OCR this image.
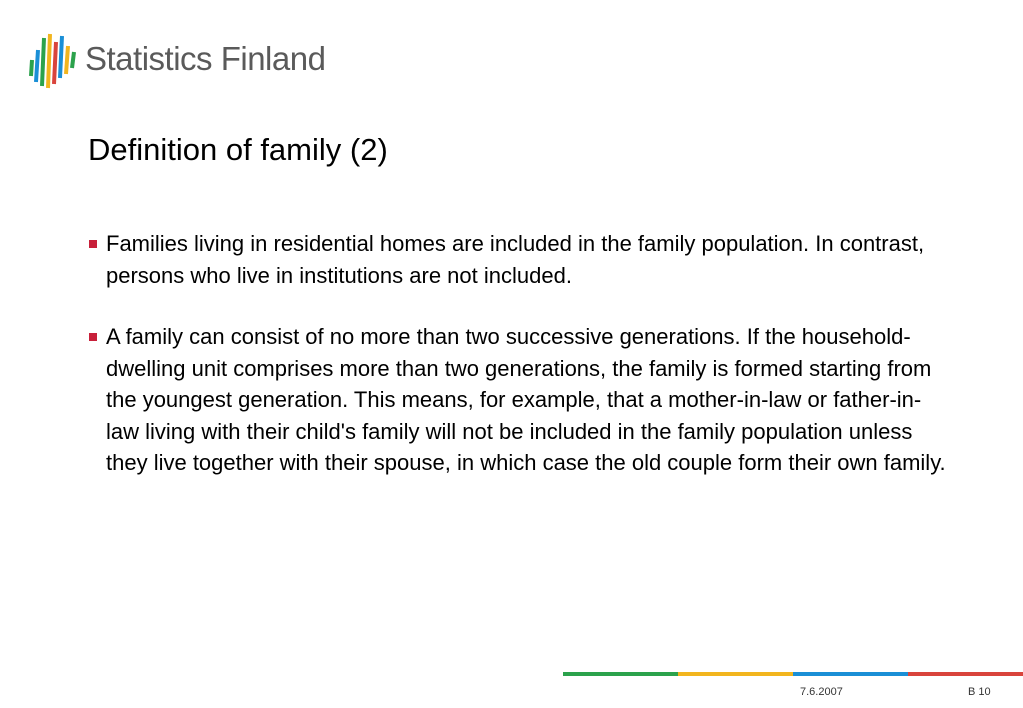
Statistics Finland
Definition of family (2)
Families living in residential homes are included in the family population. In contrast, persons who live in institutions are not included.
A family can consist of no more than two successive generations. If the household-dwelling unit comprises more than two generations, the family is formed starting from the youngest generation. This means, for example, that a mother-in-law or father-in-law living with their child's family will not be included in the family population unless they live together with their spouse, in which case the old couple form their own family.
7.6.2007	B 10
